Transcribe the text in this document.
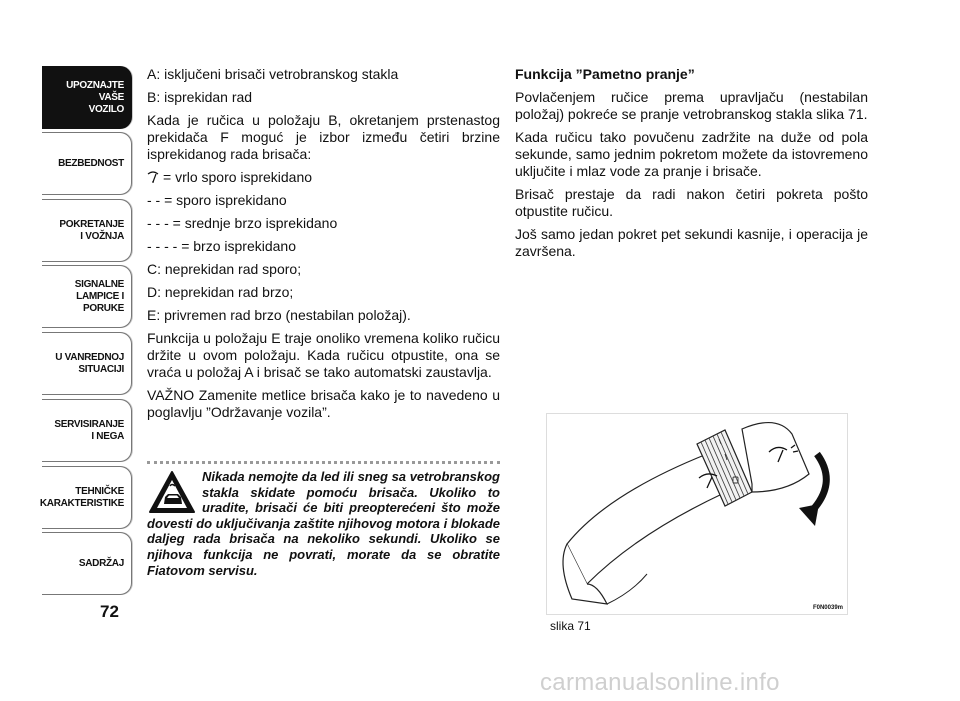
UPOZNAJTE
VAŠE
VOZILO
BEZBEDNOST
POKRETANJE
I VOŽNJA
SIGNALNE
LAMPICE I PORUKE
U VANREDNOJ
SITUACIJI
SERVISIRANJE
I NEGA
TEHNIČKE
KARAKTERISTIKE
SADRŽAJ
72

A: isključeni brisači vetrobranskog stakla

B: isprekidan rad

Kada je ručica u položaju B, okretanjem prstenastog prekidača F moguć je izbor između četiri brzine isprekidanog rada brisača:

= vrlo sporo isprekidano

- - = sporo isprekidano

- - - = srednje brzo isprekidano

- - - - = brzo isprekidano

C: neprekidan rad sporo;

D: neprekidan rad brzo;

E: privremen rad brzo (nestabilan položaj).

Funkcija u položaju E traje onoliko vremena koliko ručicu držite u ovom položaju. Kada ručicu otpustite, ona se vraća u položaj A i brisač se tako automatski zaustavlja.

VAŽNO Zamenite metlice brisača kako je to navedeno u poglavlju ”Održavanje vozila”.

Nikada nemojte da led ili sneg sa vetrobranskog stakla skidate pomoću brisača. Ukoliko to uradite, brisači će biti preopterećeni što može dovesti do uključivanja zaštite njihovog motora i blokade daljeg rada brisača na nekoliko sekundi. Ukoliko se njihova funkcija ne povrati, morate da se obratite Fiatovom servisu.

Funkcija ”Pametno pranje”

Povlačenjem ručice prema upravljaču (nestabilan položaj) pokreće se pranje vetrobranskog stakla slika 71.

Kada ručicu tako povučenu zadržite na duže od pola sekunde, samo jednim pokretom možete da istovremeno uključite i mlaz vode za pranje i brisače.

Brisač prestaje da radi nakon četiri pokreta pošto otpustite ručicu.

Još samo jedan pokret pet sekundi kasnije, i operacija je završena.

F0N0039m
slika 71
carmanualsonline.info
